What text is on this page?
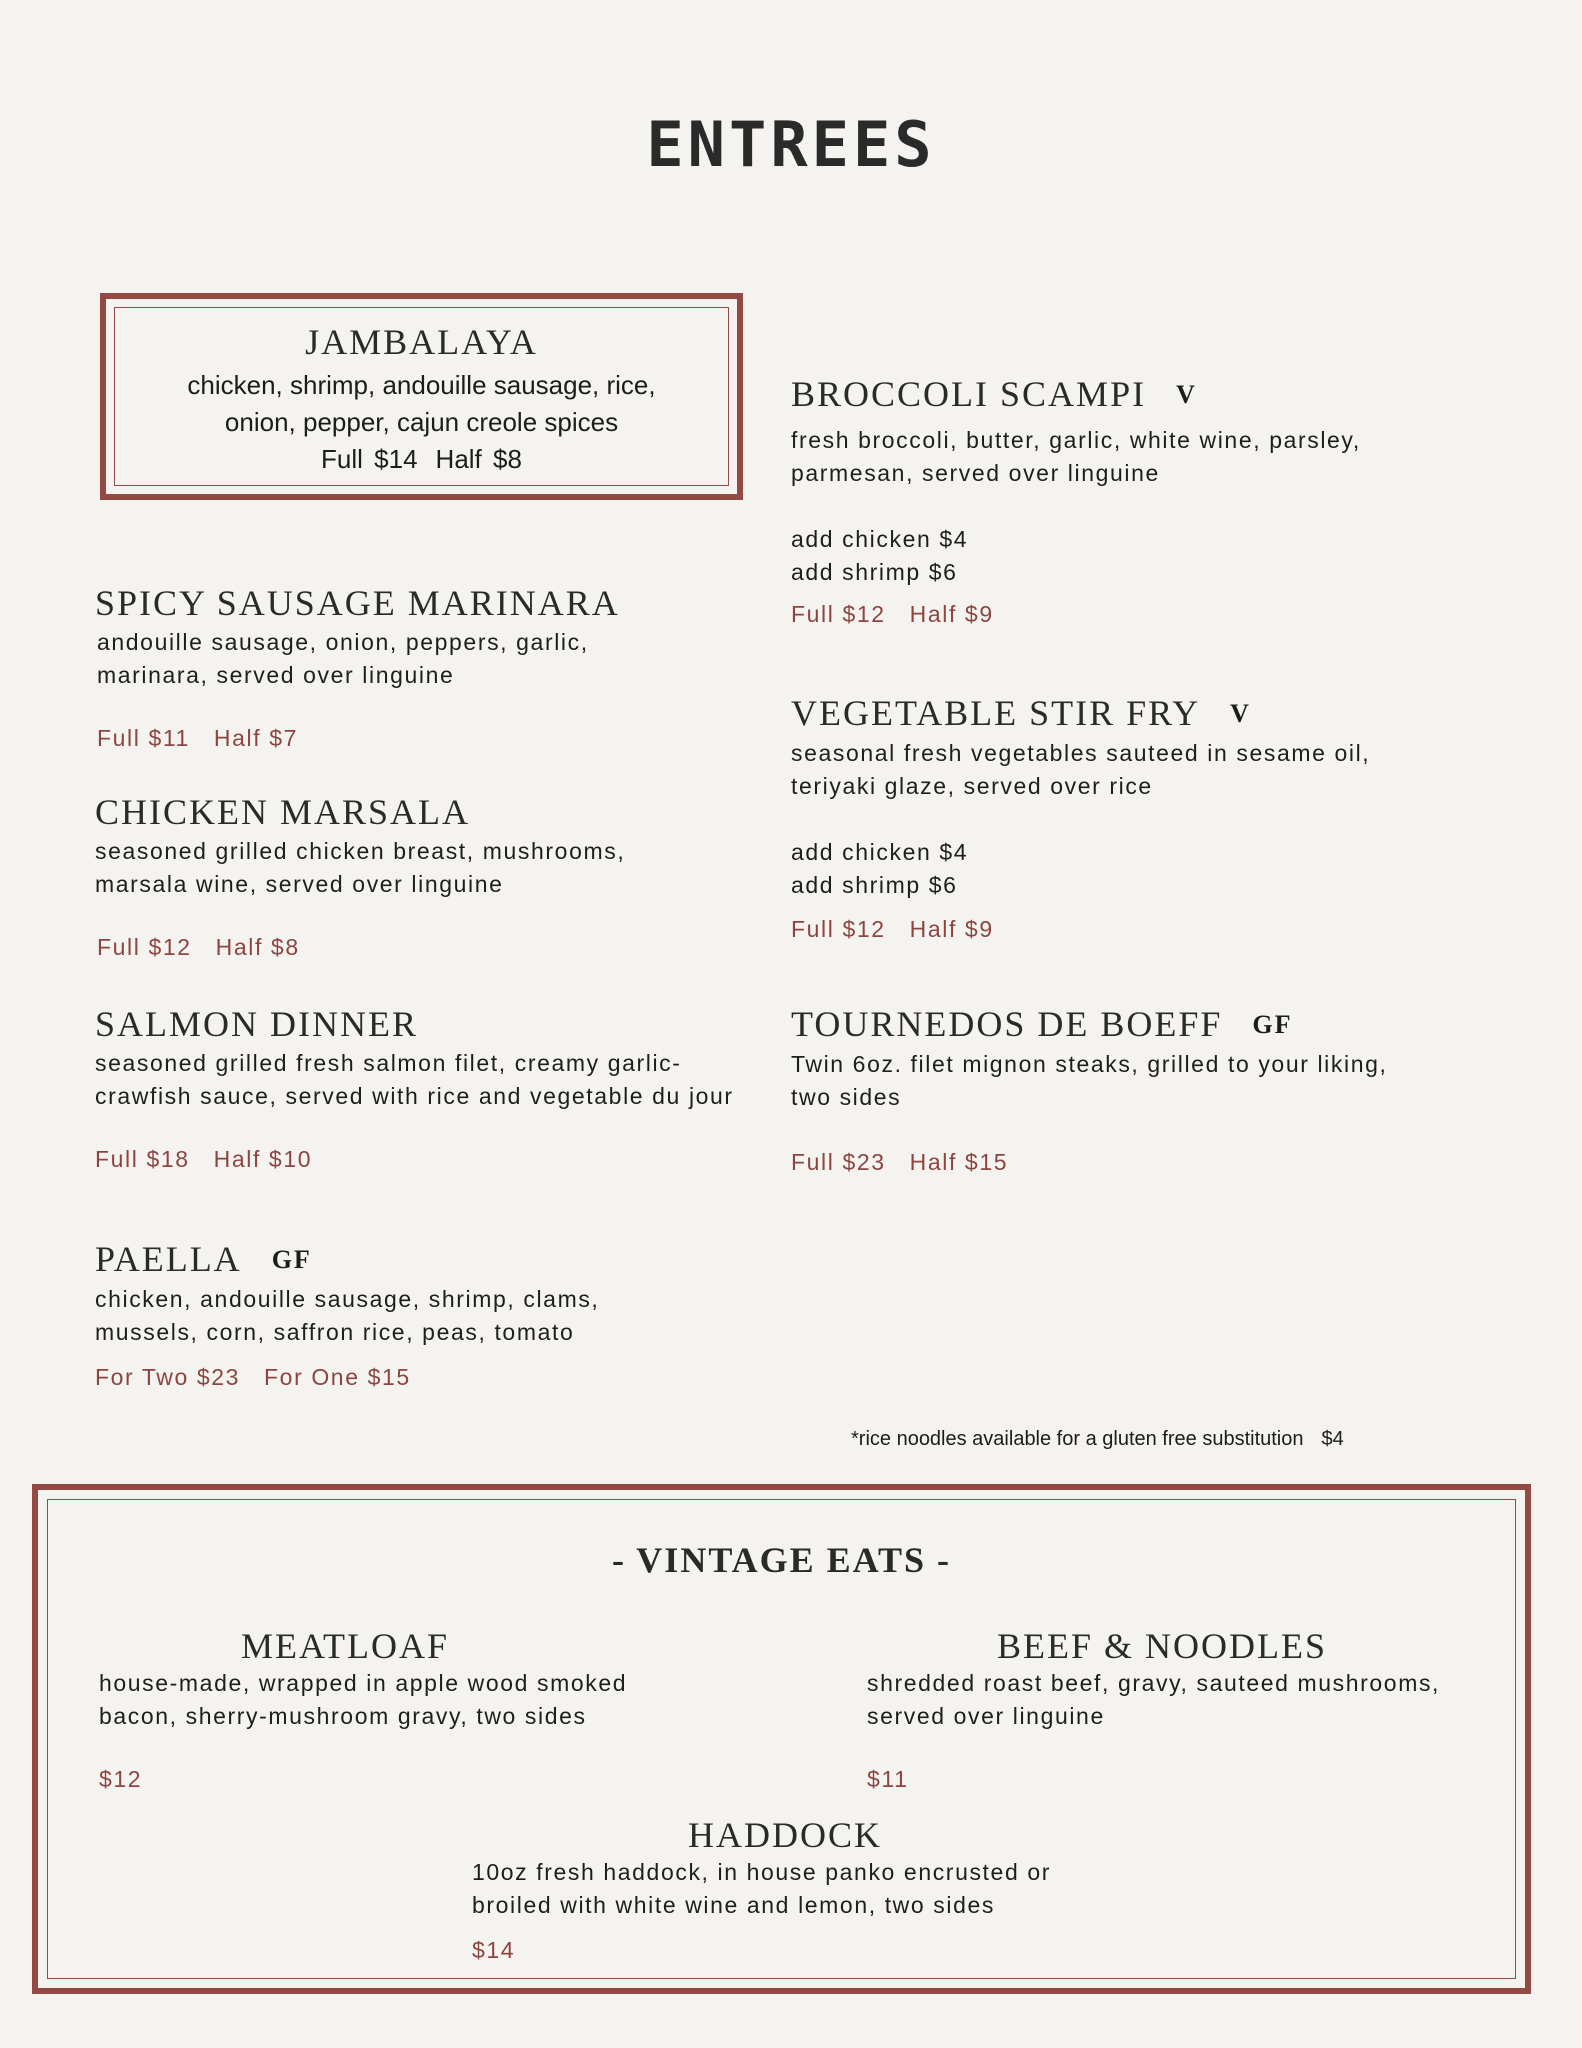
ENTREES
JAMBALAYA
chicken, shrimp, andouille sausage, rice,
onion, pepper, cajun creole spices
Full $14 Half $8
SPICY SAUSAGE MARINARA
andouille sausage, onion, peppers, garlic, marinara, served over linguine
Full $11 Half $7
CHICKEN MARSALA
seasoned grilled chicken breast, mushrooms, marsala wine, served over linguine
Full $12 Half $8
SALMON DINNER
seasoned grilled fresh salmon filet, creamy garlic-crawfish sauce, served with rice and vegetable du jour
Full $18 Half $10
PAELLA GF
chicken, andouille sausage, shrimp, clams, mussels, corn, saffron rice, peas, tomato
For Two $23 For One $15
BROCCOLI SCAMPI V
fresh broccoli, butter, garlic, white wine, parsley, parmesan, served over linguine
add chicken $4
add shrimp $6
Full $12 Half $9
VEGETABLE STIR FRY V
seasonal fresh vegetables sauteed in sesame oil, teriyaki glaze, served over rice
add chicken $4
add shrimp $6
Full $12 Half $9
TOURNEDOS DE BOEFF GF
Twin 6oz. filet mignon steaks, grilled to your liking, two sides
Full $23 Half $15
*rice noodles available for a gluten free substitution $4
- VINTAGE EATS -
MEATLOAF
house-made, wrapped in apple wood smoked bacon, sherry-mushroom gravy, two sides
$12
BEEF & NOODLES
shredded roast beef, gravy, sauteed mushrooms, served over linguine
$11
HADDOCK
10oz fresh haddock, in house panko encrusted or broiled with white wine and lemon, two sides
$14
